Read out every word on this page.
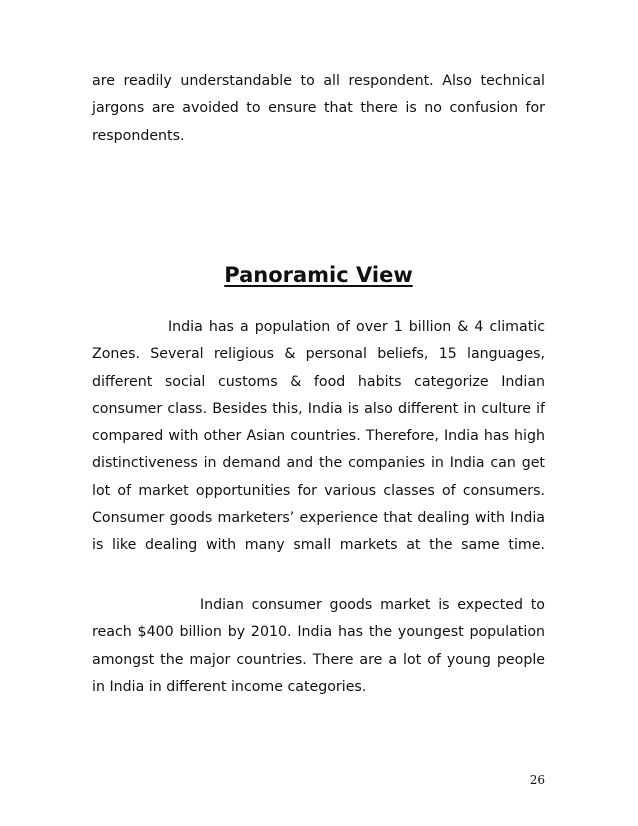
are readily understandable to all respondent. Also technical jargons are avoided to ensure that there is no confusion for respondents.

Panoramic View

India has a population of over 1 billion & 4 climatic Zones. Several religious & personal beliefs, 15 languages, different social customs & food habits categorize Indian consumer class. Besides this, India is also different in culture if compared with other Asian countries. Therefore, India has high distinctiveness in demand and the companies in India can get lot of market opportunities for various classes of consumers. Consumer goods marketers’ experience that dealing with India is like dealing with many small markets at the same time.

Indian consumer goods market is expected to reach $400 billion by 2010. India has the youngest population amongst the major countries. There are a lot of young people in India in different income categories.

26
